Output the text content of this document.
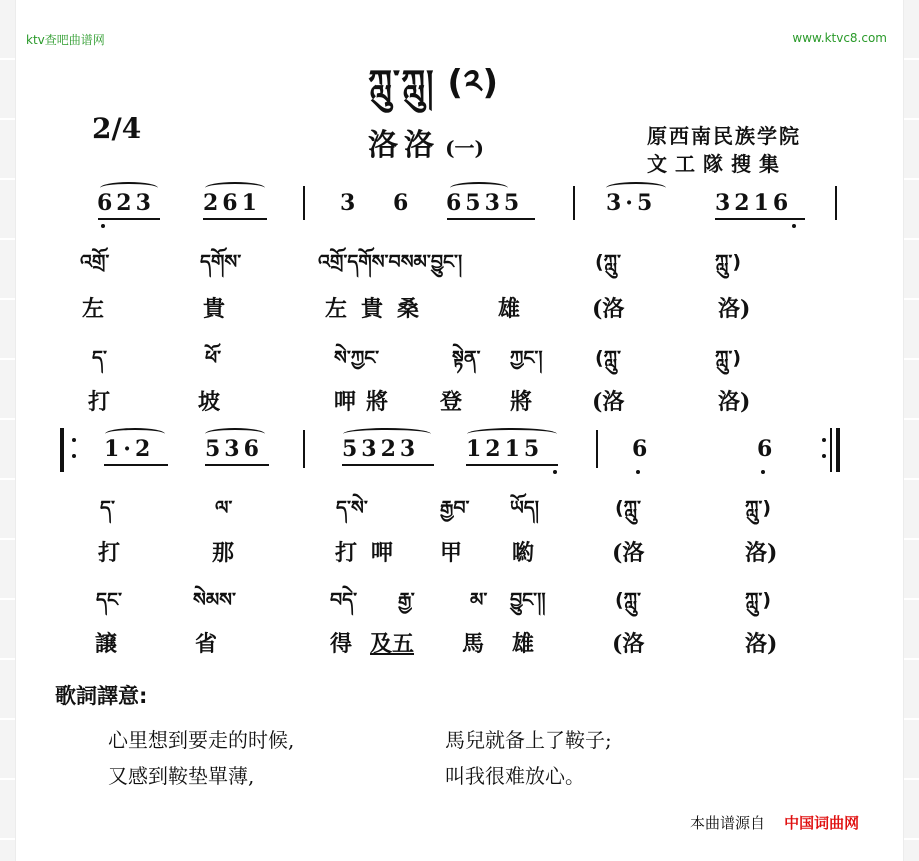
ktv查吧曲谱网	www.ktvc8.com
ཀླུ་ཀླུ། (༢)
2/4	洛洛 (一)	原西南民族学院
文工隊搜集
623 261	3 6 6535	3·5	3216
འགྲོ་	དགོས་	འགྲོ་དགོས་བསམ་བྱུང་།	(ཀླུ་	ཀླུ་)
左	貴	左貴桑	雄	(洛	洛)
ད་	ཕོ་	སེ་ཀྱང་	སྟེན་ ཀྱང་།	(ཀླུ་	ཀླུ་)
打	坡	呷將 登 將	(洛	洛)
1·2 536	5323 1215	6	6
ད་	ལ་	ད་སེ་	རྒྱབ་ ཡོད།	(ཀླུ་	ཀླུ་)
打	那	打呷 甲 喲	(洛	洛)
དང་	སེམས་	བདེ་ རྒྱ་	མ་ བྱུང་།།	(ཀླུ་	ཀླུ་)
譲	省	得 及五 馬 雄	(洛	洛)
歌詞譯意:
心里想到要走的时候,	馬兒就备上了鞍子;
又感到鞍垫單薄,	叫我很难放心。
本曲谱源自 中国词曲网
